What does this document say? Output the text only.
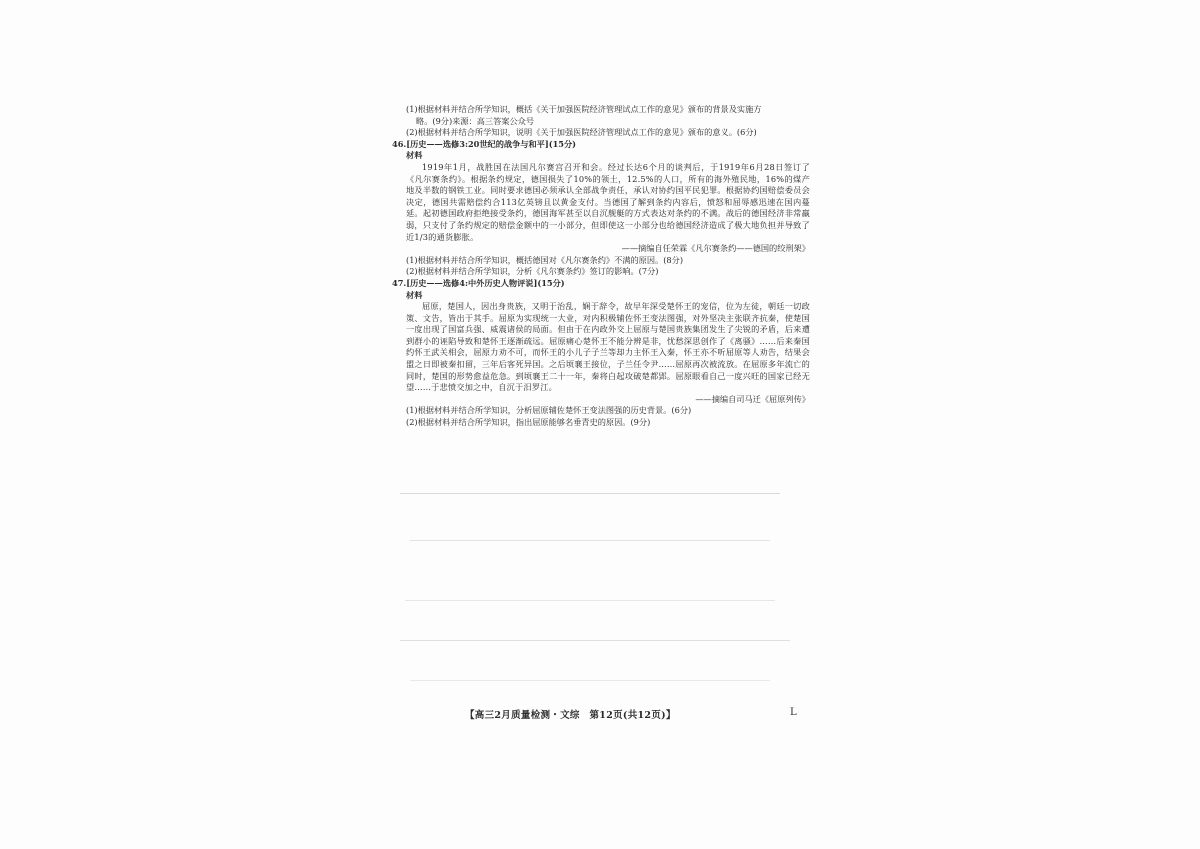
(1)根据材料并结合所学知识，概括《关于加强医院经济管理试点工作的意见》颁布的背景及实施方

略。(9分)来源：高三答案公众号

(2)根据材料并结合所学知识，说明《关于加强医院经济管理试点工作的意见》颁布的意义。(6分)

46.[历史——选修3:20世纪的战争与和平](15分)

材料

1919年1月，战胜国在法国凡尔赛宫召开和会。经过长达6个月的谈判后，于1919年6月28日签订了《凡尔赛条约》。根据条约规定，德国损失了10%的领土，12.5%的人口，所有的海外殖民地，16%的煤产地及半数的钢铁工业。同时要求德国必须承认全部战争责任，承认对协约国平民犯罪。根据协约国赔偿委员会决定，德国共需赔偿约合113亿英镑且以黄金支付。当德国了解到条约内容后，愤怒和屈辱感迅速在国内蔓延。起初德国政府拒绝接受条约，德国海军甚至以自沉舰艇的方式表达对条约的不满。战后的德国经济非常羸弱，只支付了条约规定的赔偿金额中的一小部分，但即使这一小部分也给德国经济造成了极大地负担并导致了近1/3的通货膨胀。

——摘编自任荣霖《凡尔赛条约——德国的绞刑架》

(1)根据材料并结合所学知识，概括德国对《凡尔赛条约》不满的原因。(8分)

(2)根据材料并结合所学知识，分析《凡尔赛条约》签订的影响。(7分)

47.[历史——选修4:中外历史人物评说](15分)

材料

屈原，楚国人，因出身贵族，又明于治乱，娴于辞令，故早年深受楚怀王的宠信，位为左徒，朝廷一切政策、文告，皆出于其手。屈原为实现统一大业，对内积极辅佐怀王变法图强，对外坚决主张联齐抗秦，使楚国一度出现了国富兵强、威震诸侯的局面。但由于在内政外交上屈原与楚国贵族集团发生了尖锐的矛盾，后来遭到群小的诬陷导致和楚怀王逐渐疏远。屈原痛心楚怀王不能分辨是非，忧愁深思创作了《离骚》……后来秦国约怀王武关相会，屈原力劝不可，而怀王的小儿子子兰等却力主怀王入秦，怀王亦不听屈原等人劝告，结果会盟之日即被秦扣留，三年后客死异国。之后顷襄王接位，子兰任令尹……屈原再次被流放。在屈原多年流亡的同时，楚国的形势愈益危急。到顷襄王二十一年，秦将白起攻破楚都郢。屈原眼看自己一度兴旺的国家已经无望……于悲愤交加之中，自沉于汨罗江。

——摘编自司马迁《屈原列传》

(1)根据材料并结合所学知识，分析屈原辅佐楚怀王变法图强的历史背景。(6分)

(2)根据材料并结合所学知识，指出屈原能够名垂青史的原因。(9分)

【高三2月质量检测・文综　第12页(共12页)】	L
